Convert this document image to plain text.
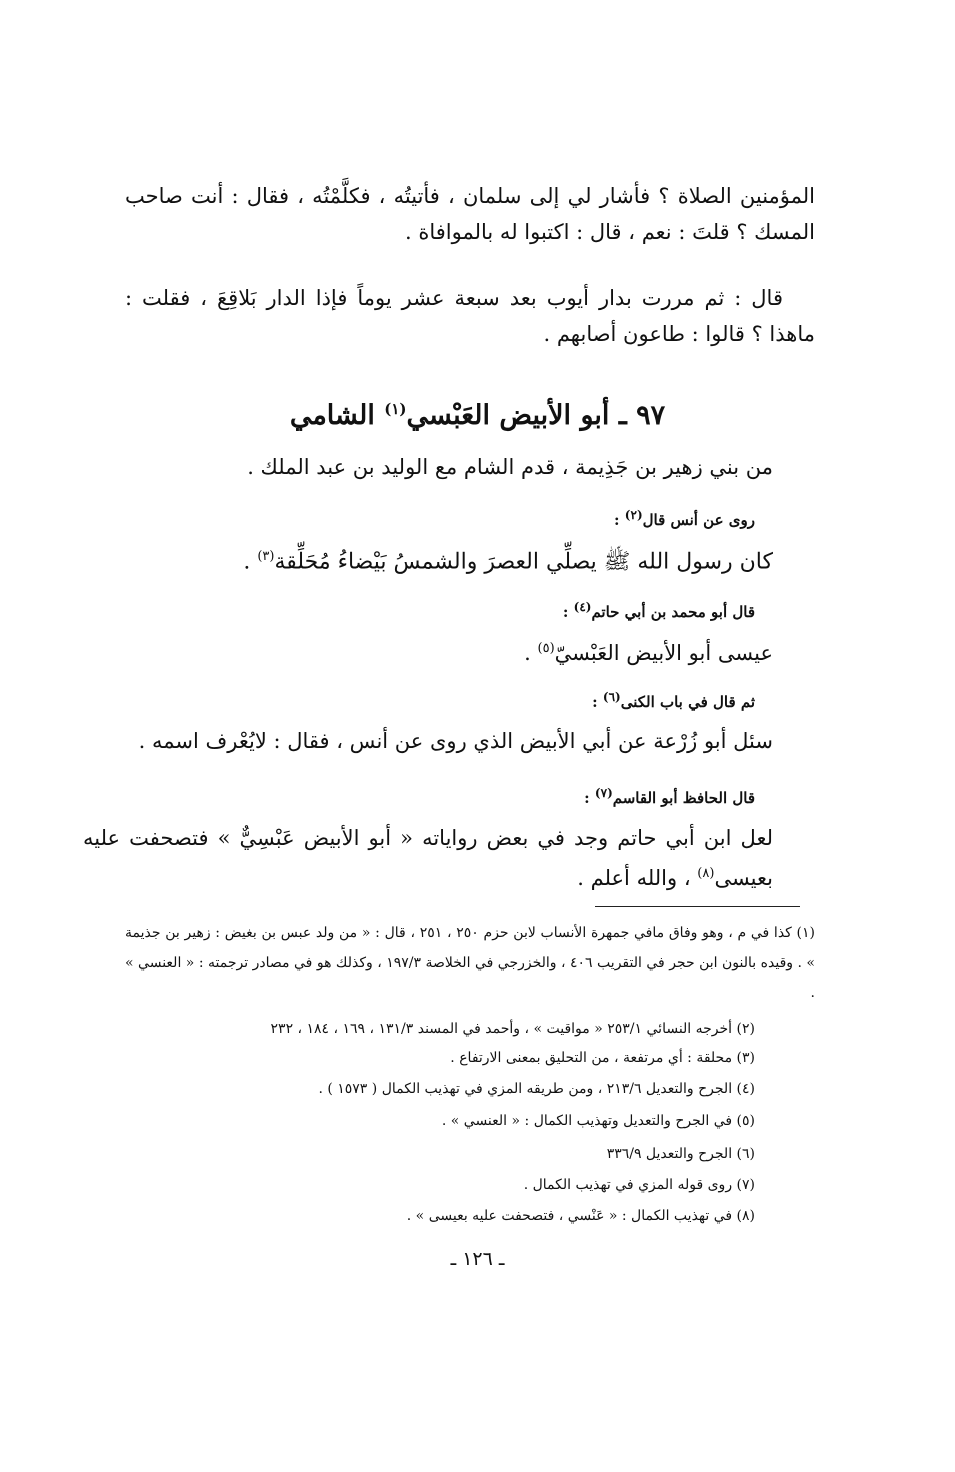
المؤمنين الصلاة ؟ فأشار لي إلى سلمان ، فأتيتُه ، فكلَّمْتُه ، فقال : أنت صاحب المسك ؟ قلتَ : نعم ، قال : اكتبوا له بالموافاة .
قال : ثم مررت بدار أيوب بعد سبعة عشر يوماً فإذا الدار بَلاقِعَ ، فقلت : ماهذا ؟ قالوا : طاعون أصابهم .
٩٧ ـ أبو الأبيض العَبْسي$^{(١)}$ الشامي
من بني زهير بن جَذِيمة ، قدم الشام مع الوليد بن عبد الملك .
روى عن أنس قال$^{(٢)}$ :
كان رسول الله ﷺ يصلِّي العصرَ والشمسُ بَيْضاءُ مُحَلِّقة$^{(٣)}$ .
قال أبو محمد بن أبي حاتم$^{(٤)}$ :
عيسى أبو الأبيض العَبْسيّ$^{(٥)}$ .
ثم قال في باب الكنى$^{(٦)}$ :
سئل أبو زُرْعة عن أبي الأبيض الذي روى عن أنس ، فقال : لايُعْرف اسمه .
قال الحافظ أبو القاسم$^{(٧)}$ :
لعل ابن أبي حاتم وجد في بعض رواياته « أبو الأبيض عَبْسِيٌّ » فتصحفت عليه بعيسى$^{(٨)}$ ، والله أعلم .
(١) كذا في م ، وهو وفاق مافي جمهرة الأنساب لابن حزم ٢٥٠ ، ٢٥١ ، قال : « من ولد عبس بن بغيض : زهير بن جذيمة » . وقيده بالنون ابن حجر في التقريب ٤٠٦ ، والخزرجي في الخلاصة ١٩٧/٣ ، وكذلك هو في مصادر ترجمته : « العنسي » .
(٢) أخرجه النسائي ٢٥٣/١ « مواقيت » ، وأحمد في المسند ١٣١/٣ ، ١٦٩ ، ١٨٤ ، ٢٣٢
(٣) محلقة : أي مرتفعة ، من التحليق بمعنى الارتفاع .
(٤) الجرح والتعديل ٢١٣/٦ ، ومن طريقه المزي في تهذيب الكمال ( ١٥٧٣ ) .
(٥) في الجرح والتعديل وتهذيب الكمال : « العنسي » .
(٦) الجرح والتعديل ٣٣٦/٩
(٧) روى قوله المزي في تهذيب الكمال .
(٨) في تهذيب الكمال : « عَنْسي ، فتصحفت عليه بعيسى » .
ـ ١٢٦ ـ
